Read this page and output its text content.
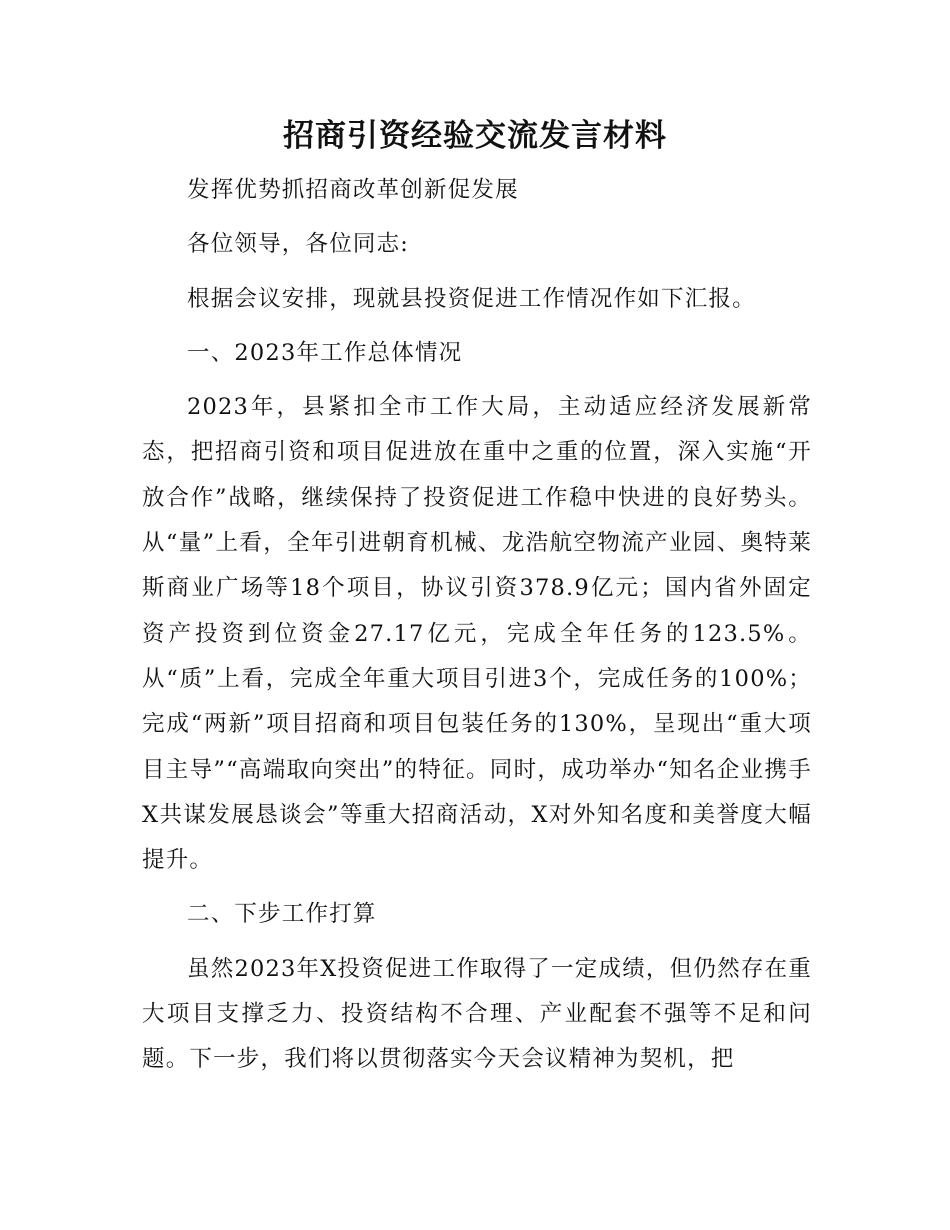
招商引资经验交流发言材料

发挥优势抓招商改革创新促发展

各位领导，各位同志:

根据会议安排，现就县投资促进工作情况作如下汇报。

一、2023年工作总体情况

2023年，县紧扣全市工作大局，主动适应经济发展新常态，把招商引资和项目促进放在重中之重的位置，深入实施“开放合作”战略，继续保持了投资促进工作稳中快进的良好势头。从“量”上看，全年引进朝育机械、龙浩航空物流产业园、奥特莱斯商业广场等18个项目，协议引资378.9亿元；国内省外固定资产投资到位资金27.17亿元，完成全年任务的123.5%。从“质”上看，完成全年重大项目引进3个，完成任务的100%；完成“两新”项目招商和项目包装任务的130%，呈现出“重大项目主导”“高端取向突出”的特征。同时，成功举办“知名企业携手X共谋发展恳谈会”等重大招商活动，X对外知名度和美誉度大幅提升。

二、下步工作打算

虽然2023年X投资促进工作取得了一定成绩，但仍然存在重大项目支撑乏力、投资结构不合理、产业配套不强等不足和问题。下一步，我们将以贯彻落实今天会议精神为契机，把
